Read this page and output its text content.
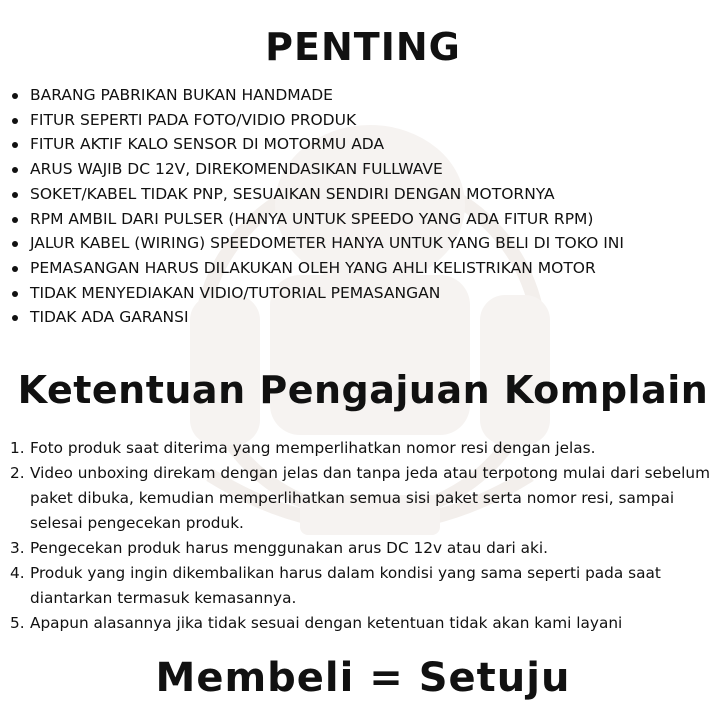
PENTING
BARANG PABRIKAN BUKAN HANDMADE
FITUR SEPERTI PADA FOTO/VIDIO PRODUK
FITUR AKTIF KALO SENSOR DI MOTORMU ADA
ARUS WAJIB DC 12V, DIREKOMENDASIKAN FULLWAVE
SOKET/KABEL TIDAK PNP, SESUAIKAN SENDIRI DENGAN MOTORNYA
RPM AMBIL DARI PULSER (HANYA UNTUK SPEEDO YANG ADA FITUR RPM)
JALUR KABEL (WIRING) SPEEDOMETER HANYA UNTUK YANG BELI DI TOKO INI
PEMASANGAN HARUS DILAKUKAN OLEH YANG AHLI KELISTRIKAN MOTOR
TIDAK MENYEDIAKAN VIDIO/TUTORIAL PEMASANGAN
TIDAK ADA GARANSI
Ketentuan Pengajuan Komplain
1. Foto produk saat diterima yang memperlihatkan nomor resi dengan jelas.
2. Video unboxing direkam dengan jelas dan tanpa jeda atau terpotong mulai dari sebelum paket dibuka, kemudian memperlihatkan semua sisi paket serta nomor resi, sampai selesai pengecekan produk.
3. Pengecekan produk harus menggunakan arus DC 12v atau dari aki.
4. Produk yang ingin dikembalikan harus dalam kondisi yang sama seperti pada saat diantarkan termasuk kemasannya.
5. Apapun alasannya jika tidak sesuai dengan ketentuan tidak akan kami layani
Membeli = Setuju
